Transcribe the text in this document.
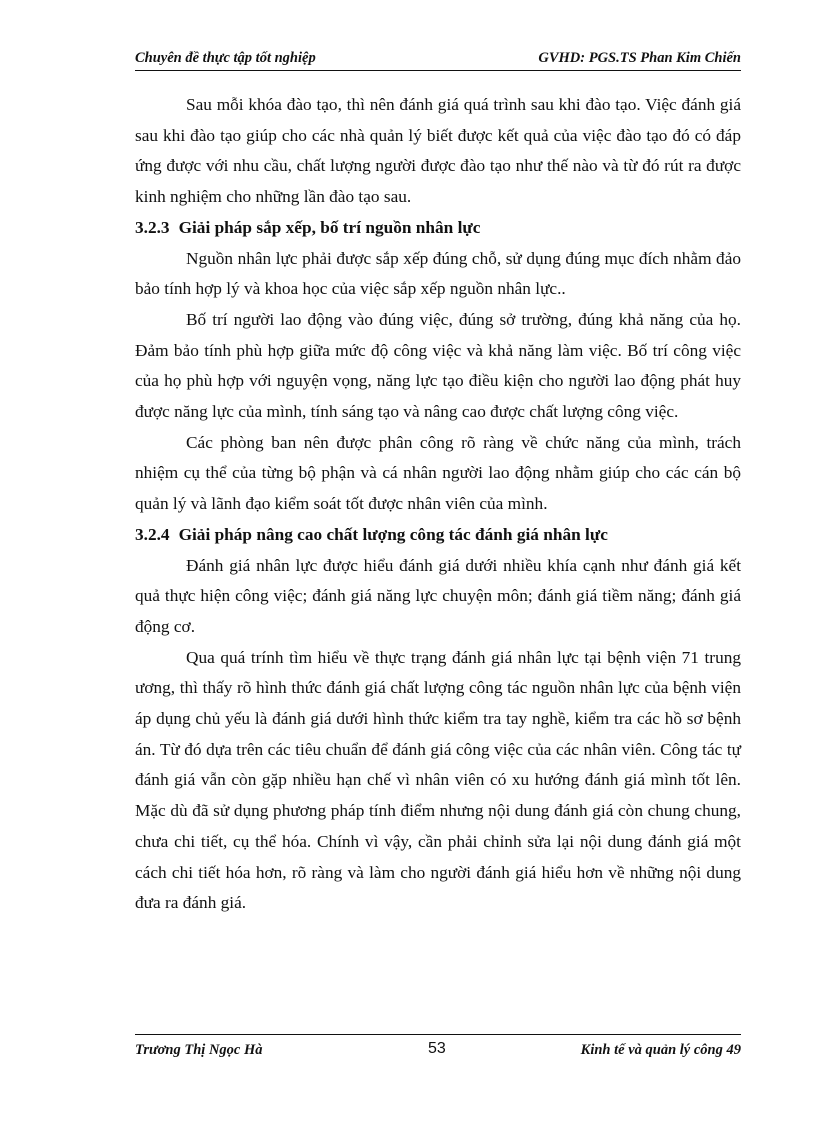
Chuyên đề thực tập tốt nghiệp	GVHD: PGS.TS Phan Kim Chiến

Sau mỗi khóa đào tạo, thì nên đánh giá quá trình sau khi đào tạo. Việc đánh giá sau khi đào tạo giúp cho các nhà quản lý biết được kết quả của việc đào tạo đó có đáp ứng được với nhu cầu, chất lượng người được đào tạo như thế nào và từ đó rút ra được kinh nghiệm cho những lần đào tạo sau.

3.2.3 Giải pháp sắp xếp, bố trí nguồn nhân lực

Nguồn nhân lực phải được sắp xếp đúng chỗ, sử dụng đúng mục đích nhằm đảo bảo tính hợp lý và khoa học của việc sắp xếp nguồn nhân lực..

Bố trí người lao động vào đúng việc, đúng sở trường, đúng khả năng của họ. Đảm bảo tính phù hợp giữa mức độ công việc và khả năng làm việc. Bố trí công việc của họ phù hợp với nguyện vọng, năng lực tạo điều kiện cho người lao động phát huy được năng lực của mình, tính sáng tạo và nâng cao được chất lượng công việc.

Các phòng ban nên được phân công rõ ràng về chức năng của mình, trách nhiệm cụ thể của từng bộ phận và cá nhân người lao động nhằm giúp cho các cán bộ quản lý và lãnh đạo kiểm soát tốt được nhân viên của mình.

3.2.4 Giải pháp nâng cao chất lượng công tác đánh giá nhân lực

Đánh giá nhân lực được hiểu đánh giá dưới nhiều khía cạnh như đánh giá kết quả thực hiện công việc; đánh giá năng lực chuyện môn; đánh giá tiềm năng; đánh giá động cơ.

Qua quá trính tìm hiểu về thực trạng đánh giá nhân lực tại bệnh viện 71 trung ương, thì thấy rõ hình thức đánh giá chất lượng công tác nguồn nhân lực của bệnh viện áp dụng chủ yếu là đánh giá dưới hình thức kiểm tra tay nghề, kiểm tra các hồ sơ bệnh án. Từ đó dựa trên các tiêu chuẩn để đánh giá công việc của các nhân viên. Công tác tự đánh giá vẫn còn gặp nhiều hạn chế vì nhân viên có xu hướng đánh giá mình tốt lên. Mặc dù đã sử dụng phương pháp tính điểm nhưng nội dung đánh giá còn chung chung, chưa chi tiết, cụ thể hóa. Chính vì vậy, cần phải chỉnh sửa lại nội dung đánh giá một cách chi tiết hóa hơn, rõ ràng và làm cho người đánh giá hiểu hơn về những nội dung đưa ra đánh giá.

Trương Thị Ngọc Hà	53	Kinh tế và quản lý công 49
